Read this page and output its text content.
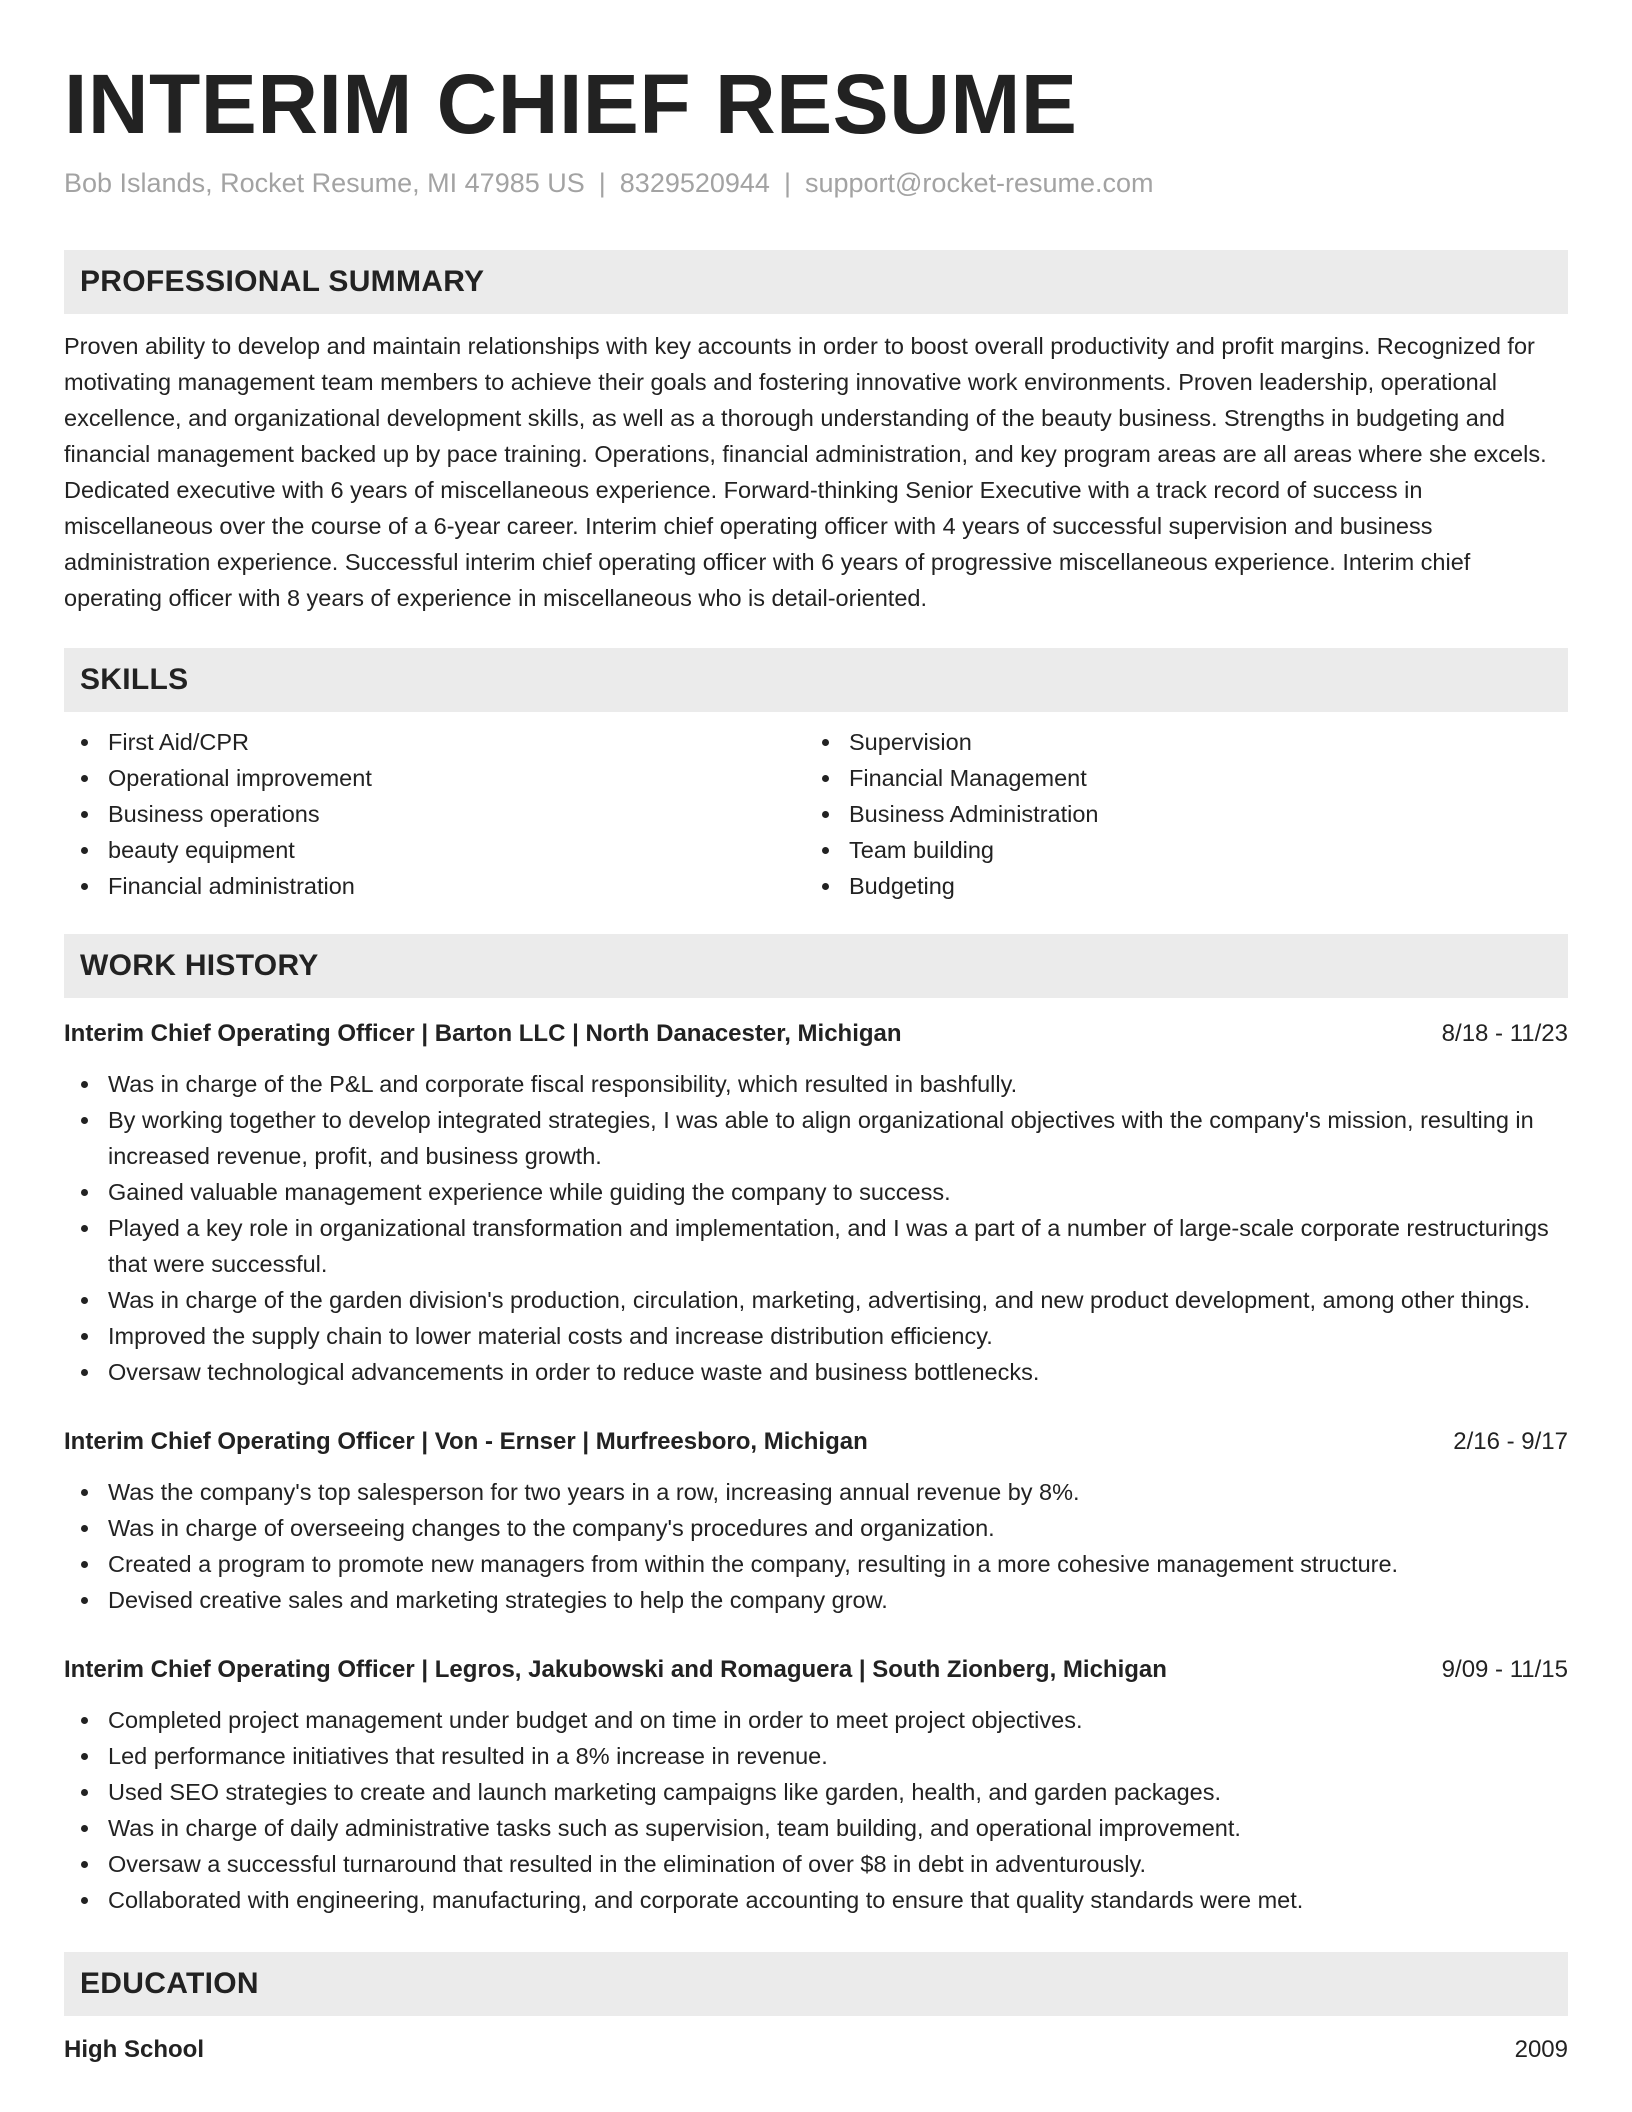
INTERIM CHIEF RESUME
Bob Islands, Rocket Resume, MI 47985 US | 8329520944 | support@rocket-resume.com
PROFESSIONAL SUMMARY
Proven ability to develop and maintain relationships with key accounts in order to boost overall productivity and profit margins. Recognized for motivating management team members to achieve their goals and fostering innovative work environments. Proven leadership, operational excellence, and organizational development skills, as well as a thorough understanding of the beauty business. Strengths in budgeting and financial management backed up by pace training. Operations, financial administration, and key program areas are all areas where she excels. Dedicated executive with 6 years of miscellaneous experience. Forward-thinking Senior Executive with a track record of success in miscellaneous over the course of a 6-year career. Interim chief operating officer with 4 years of successful supervision and business administration experience. Successful interim chief operating officer with 6 years of progressive miscellaneous experience. Interim chief operating officer with 8 years of experience in miscellaneous who is detail-oriented.
SKILLS
First Aid/CPR
Operational improvement
Business operations
beauty equipment
Financial administration
Supervision
Financial Management
Business Administration
Team building
Budgeting
WORK HISTORY
Interim Chief Operating Officer | Barton LLC | North Danacester, Michigan	8/18 - 11/23
Was in charge of the P&L and corporate fiscal responsibility, which resulted in bashfully.
By working together to develop integrated strategies, I was able to align organizational objectives with the company's mission, resulting in increased revenue, profit, and business growth.
Gained valuable management experience while guiding the company to success.
Played a key role in organizational transformation and implementation, and I was a part of a number of large-scale corporate restructurings that were successful.
Was in charge of the garden division's production, circulation, marketing, advertising, and new product development, among other things.
Improved the supply chain to lower material costs and increase distribution efficiency.
Oversaw technological advancements in order to reduce waste and business bottlenecks.
Interim Chief Operating Officer | Von - Ernser | Murfreesboro, Michigan	2/16 - 9/17
Was the company's top salesperson for two years in a row, increasing annual revenue by 8%.
Was in charge of overseeing changes to the company's procedures and organization.
Created a program to promote new managers from within the company, resulting in a more cohesive management structure.
Devised creative sales and marketing strategies to help the company grow.
Interim Chief Operating Officer | Legros, Jakubowski and Romaguera | South Zionberg, Michigan	9/09 - 11/15
Completed project management under budget and on time in order to meet project objectives.
Led performance initiatives that resulted in a 8% increase in revenue.
Used SEO strategies to create and launch marketing campaigns like garden, health, and garden packages.
Was in charge of daily administrative tasks such as supervision, team building, and operational improvement.
Oversaw a successful turnaround that resulted in the elimination of over $8 in debt in adventurously.
Collaborated with engineering, manufacturing, and corporate accounting to ensure that quality standards were met.
EDUCATION
High School	2009
